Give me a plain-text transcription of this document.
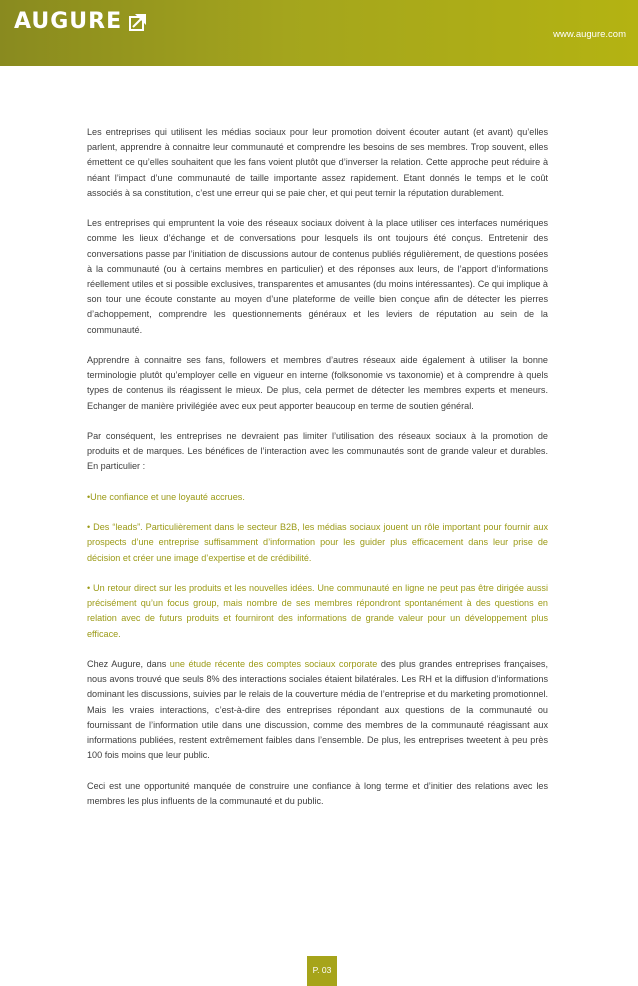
AUGURE
www.augure.com

Les entreprises qui utilisent les médias sociaux pour leur promotion doivent écouter autant (et avant) qu’elles parlent, apprendre à connaitre leur communauté et comprendre les besoins de ses membres. Trop souvent, elles émettent ce qu’elles souhaitent que les fans voient plutôt que d’inverser la relation. Cette approche peut réduire à néant l’impact d’une communauté de taille importante assez rapidement. Etant donnés le temps et le coût associés à sa constitution, c’est une erreur qui se paie cher, et qui peut ternir la réputation durablement.

Les entreprises qui empruntent la voie des réseaux sociaux doivent à la place utiliser ces interfaces numériques comme les lieux d’échange et de conversations pour lesquels ils ont toujours été conçus. Entretenir des conversations passe par l’initiation de discussions autour de contenus publiés régulièrement, de questions posées à la communauté (ou à certains membres en particulier) et des réponses aux leurs, de l’apport d’informations réellement utiles et si possible exclusives, transparentes et amusantes (du moins intéressantes). Ce qui implique à son tour une écoute constante au moyen d’une plateforme de veille bien conçue afin de détecter les pierres d’achoppement, comprendre les questionnements généraux et les leviers de réputation au sein de la communauté.

Apprendre à connaitre ses fans, followers et membres d’autres réseaux aide également à utiliser la bonne terminologie plutôt qu’employer celle en vigueur en interne (folksonomie vs taxonomie) et à comprendre à quels types de contenus ils réagissent le mieux. De plus, cela permet de détecter les membres experts et meneurs. Echanger de manière privilégiée avec eux peut apporter beaucoup en terme de soutien général.

Par conséquent, les entreprises ne devraient pas limiter l’utilisation des réseaux sociaux à la promotion de produits et de marques. Les bénéfices de l’interaction avec les communautés sont de grande valeur et durables. En particulier :

•Une confiance et une loyauté accrues.

• Des “leads”. Particulièrement dans le secteur B2B, les médias sociaux jouent un rôle important pour fournir aux prospects d’une entreprise suffisamment d’information pour les guider plus efficacement dans leur prise de décision et créer une image d’expertise et de crédibilité.

• Un retour direct sur les produits et les nouvelles idées. Une communauté en ligne ne peut pas être dirigée aussi précisément qu’un focus group, mais nombre de ses membres répondront spontanément à des questions en relation avec de futurs produits et fourniront des informations de grande valeur pour un développement plus efficace.

Chez Augure, dans une étude récente des comptes sociaux corporate des plus grandes entreprises françaises, nous avons trouvé que seuls 8% des interactions sociales étaient bilatérales. Les RH et la diffusion d’informations dominant les discussions, suivies par le relais de la couverture média de l’entreprise et du marketing promotionnel. Mais les vraies interactions, c’est-à-dire des entreprises répondant aux questions de la communauté ou fournissant de l’information utile dans une discussion, comme des membres de la communauté réagissant aux informations publiées, restent extrêmement faibles dans l’ensemble. De plus, les entreprises tweetent à peu près 100 fois moins que leur public.

Ceci est une opportunité manquée de construire une confiance à long terme et d’initier des relations avec les membres les plus influents de la communauté et du public.

P. 03
